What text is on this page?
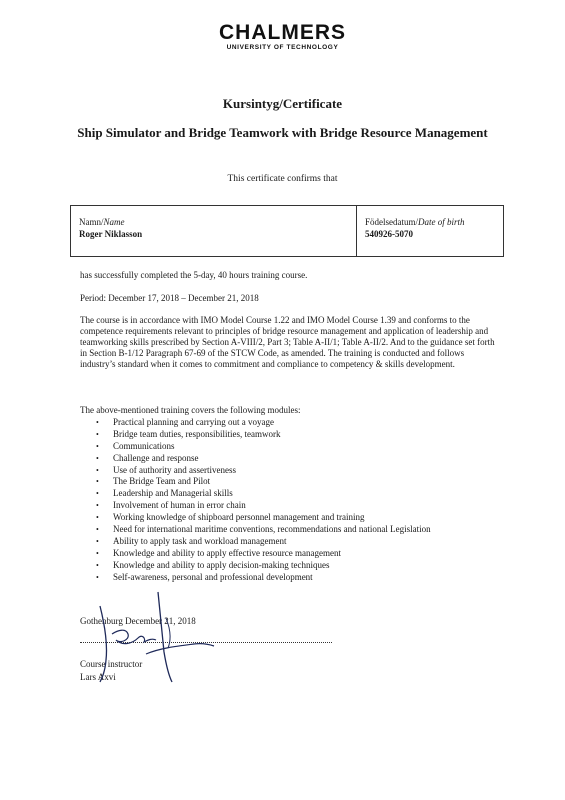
CHALMERS
UNIVERSITY OF TECHNOLOGY
Kursintyg/Certificate
Ship Simulator and Bridge Teamwork with Bridge Resource Management
This certificate confirms that
Namn/Name
Roger Niklasson
Födelsedatum/Date of birth
540926-5070
has successfully completed the 5-day, 40 hours training course.
Period: December 17, 2018 – December 21, 2018
The course is in accordance with IMO Model Course 1.22 and IMO Model Course 1.39 and conforms to the competence requirements relevant to principles of bridge resource management and application of leadership and teamworking skills prescribed by Section A-VIII/2, Part 3; Table A-II/1; Table A-II/2. And to the guidance set forth in Section B-1/12 Paragraph 67-69 of the STCW Code, as amended. The training is conducted and follows industry’s standard when it comes to commitment and compliance to competency & skills development.
The above-mentioned training covers the following modules:
• Practical planning and carrying out a voyage
• Bridge team duties, responsibilities, teamwork
• Communications
• Challenge and response
• Use of authority and assertiveness
• The Bridge Team and Pilot
• Leadership and Managerial skills
• Involvement of human in error chain
• Working knowledge of shipboard personnel management and training
• Need for international maritime conventions, recommendations and national Legislation
• Ability to apply task and workload management
• Knowledge and ability to apply effective resource management
• Knowledge and ability to apply decision-making techniques
• Self-awareness, personal and professional development
Gothenburg December 21, 2018
Course instructor
Lars Axvi
